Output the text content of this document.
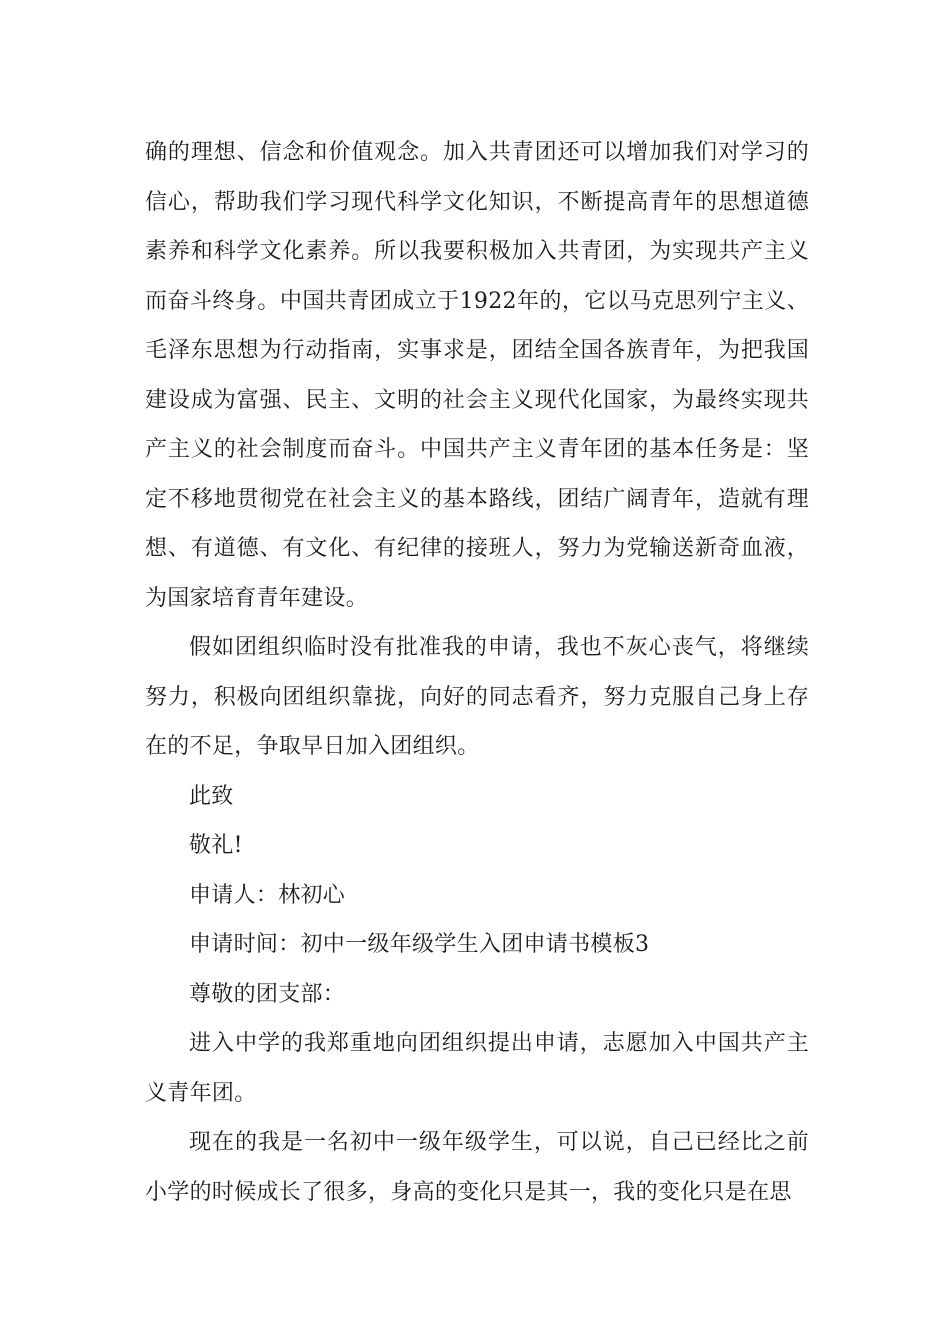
确的理想、信念和价值观念。加入共青团还可以增加我们对学习的信心，帮助我们学习现代科学文化知识，不断提高青年的思想道德素养和科学文化素养。所以我要积极加入共青团，为实现共产主义而奋斗终身。中国共青团成立于1922年的，它以马克思列宁主义、毛泽东思想为行动指南，实事求是，团结全国各族青年，为把我国建设成为富强、民主、文明的社会主义现代化国家，为最终实现共产主义的社会制度而奋斗。中国共产主义青年团的基本任务是：坚定不移地贯彻党在社会主义的基本路线，团结广阔青年，造就有理想、有道德、有文化、有纪律的接班人，努力为党输送新奇血液，为国家培育青年建设。

假如团组织临时没有批准我的申请，我也不灰心丧气，将继续努力，积极向团组织靠拢，向好的同志看齐，努力克服自己身上存在的不足，争取早日加入团组织。

此致

敬礼!

申请人：林初心

申请时间：初中一级年级学生入团申请书模板3

尊敬的团支部：

进入中学的我郑重地向团组织提出申请，志愿加入中国共产主义青年团。

现在的我是一名初中一级年级学生，可以说，自己已经比之前小学的时候成长了很多，身高的变化只是其一，我的变化只是在思
